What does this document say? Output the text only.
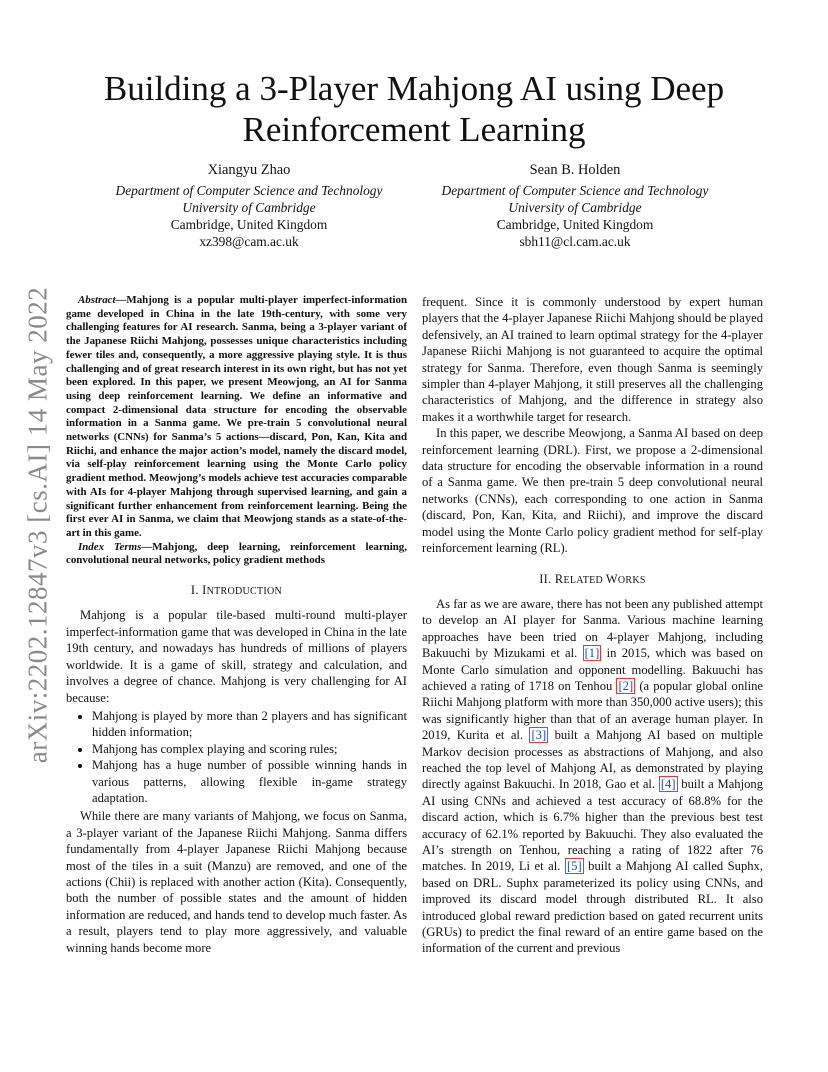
arXiv:2202.12847v3 [cs.AI] 14 May 2022
Building a 3-Player Mahjong AI using Deep Reinforcement Learning
Xiangyu Zhao
Department of Computer Science and Technology
University of Cambridge
Cambridge, United Kingdom
xz398@cam.ac.uk
Sean B. Holden
Department of Computer Science and Technology
University of Cambridge
Cambridge, United Kingdom
sbh11@cl.cam.ac.uk

Abstract—Mahjong is a popular multi-player imperfect-information game developed in China in the late 19th-century, with some very challenging features for AI research. Sanma, being a 3-player variant of the Japanese Riichi Mahjong, possesses unique characteristics including fewer tiles and, consequently, a more aggressive playing style. It is thus challenging and of great research interest in its own right, but has not yet been explored. In this paper, we present Meowjong, an AI for Sanma using deep reinforcement learning. We define an informative and compact 2-dimensional data structure for encoding the observable information in a Sanma game. We pre-train 5 convolutional neural networks (CNNs) for Sanma’s 5 actions—discard, Pon, Kan, Kita and Riichi, and enhance the major action’s model, namely the discard model, via self-play reinforcement learning using the Monte Carlo policy gradient method. Meowjong’s models achieve test accuracies comparable with AIs for 4-player Mahjong through supervised learning, and gain a significant further enhancement from reinforcement learning. Being the first ever AI in Sanma, we claim that Meowjong stands as a state-of-the-art in this game.

Index Terms—Mahjong, deep learning, reinforcement learning, convolutional neural networks, policy gradient methods

I. INTRODUCTION

Mahjong is a popular tile-based multi-round multi-player imperfect-information game that was developed in China in the late 19th century, and nowadays has hundreds of millions of players worldwide. It is a game of skill, strategy and calculation, and involves a degree of chance. Mahjong is very challenging for AI because:

• Mahjong is played by more than 2 players and has significant hidden information;
• Mahjong has complex playing and scoring rules;
• Mahjong has a huge number of possible winning hands in various patterns, allowing flexible in-game strategy adaptation.

While there are many variants of Mahjong, we focus on Sanma, a 3-player variant of the Japanese Riichi Mahjong. Sanma differs fundamentally from 4-player Japanese Riichi Mahjong because most of the tiles in a suit (Manzu) are removed, and one of the actions (Chii) is replaced with another action (Kita). Consequently, both the number of possible states and the amount of hidden information are reduced, and hands tend to develop much faster. As a result, players tend to play more aggressively, and valuable winning hands become more

frequent. Since it is commonly understood by expert human players that the 4-player Japanese Riichi Mahjong should be played defensively, an AI trained to learn optimal strategy for the 4-player Japanese Riichi Mahjong is not guaranteed to acquire the optimal strategy for Sanma. Therefore, even though Sanma is seemingly simpler than 4-player Mahjong, it still preserves all the challenging characteristics of Mahjong, and the difference in strategy also makes it a worthwhile target for research.

In this paper, we describe Meowjong, a Sanma AI based on deep reinforcement learning (DRL). First, we propose a 2-dimensional data structure for encoding the observable information in a round of a Sanma game. We then pre-train 5 deep convolutional neural networks (CNNs), each corresponding to one action in Sanma (discard, Pon, Kan, Kita, and Riichi), and improve the discard model using the Monte Carlo policy gradient method for self-play reinforcement learning (RL).

II. RELATED WORKS

As far as we are aware, there has not been any published attempt to develop an AI player for Sanma. Various machine learning approaches have been tried on 4-player Mahjong, including Bakuuchi by Mizukami et al. [1] in 2015, which was based on Monte Carlo simulation and opponent modelling. Bakuuchi has achieved a rating of 1718 on Tenhou [2] (a popular global online Riichi Mahjong platform with more than 350,000 active users); this was significantly higher than that of an average human player. In 2019, Kurita et al. [3] built a Mahjong AI based on multiple Markov decision processes as abstractions of Mahjong, and also reached the top level of Mahjong AI, as demonstrated by playing directly against Bakuuchi. In 2018, Gao et al. [4] built a Mahjong AI using CNNs and achieved a test accuracy of 68.8% for the discard action, which is 6.7% higher than the previous best test accuracy of 62.1% reported by Bakuuchi. They also evaluated the AI’s strength on Tenhou, reaching a rating of 1822 after 76 matches. In 2019, Li et al. [5] built a Mahjong AI called Suphx, based on DRL. Suphx parameterized its policy using CNNs, and improved its discard model through distributed RL. It also introduced global reward prediction based on gated recurrent units (GRUs) to predict the final reward of an entire game based on the information of the current and previous
